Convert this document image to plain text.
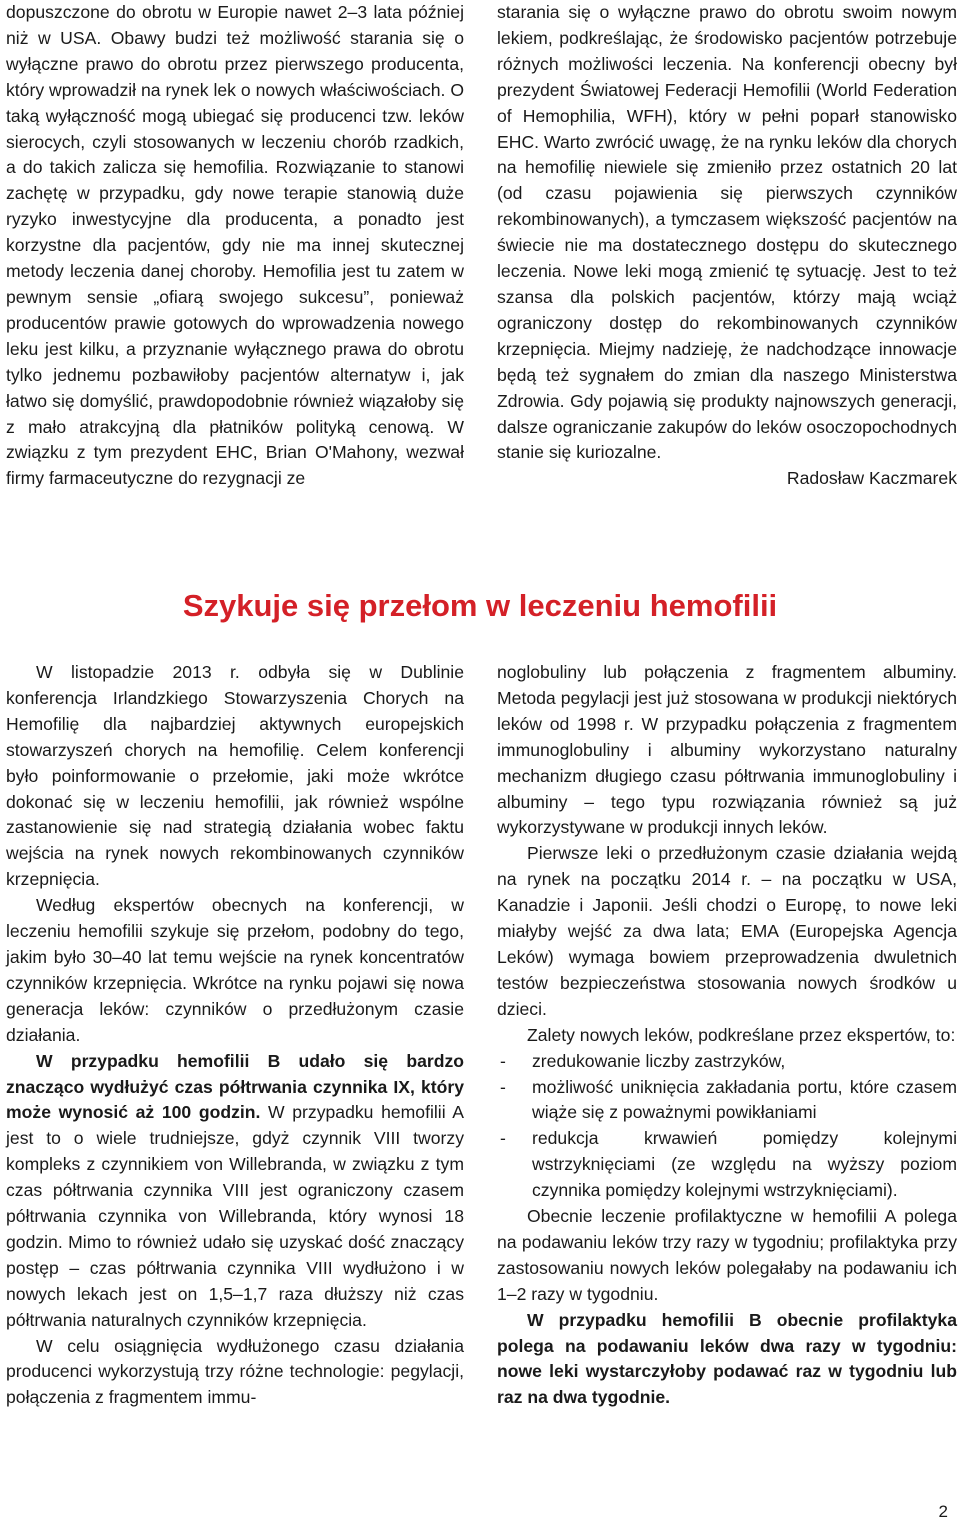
dopuszczone do obrotu w Europie nawet 2–3 lata później niż w USA. Obawy budzi też możliwość starania się o wyłączne prawo do obrotu przez pierwszego producenta, który wprowadził na rynek lek o nowych właściwościach. O taką wyłączność mogą ubiegać się producenci tzw. leków sierocych, czyli stosowanych w leczeniu chorób rzadkich, a do takich zalicza się hemofilia. Rozwiązanie to stanowi zachętę w przypadku, gdy nowe terapie stanowią duże ryzyko inwestycyjne dla producenta, a ponadto jest korzystne dla pacjentów, gdy nie ma innej skutecznej metody leczenia danej choroby. Hemofilia jest tu zatem w pewnym sensie „ofiarą swojego sukcesu”, ponieważ producentów prawie gotowych do wprowadzenia nowego leku jest kilku, a przyznanie wyłącznego prawa do obrotu tylko jednemu pozbawiłoby pacjentów alternatyw i, jak łatwo się domyślić, prawdopodobnie również wiązałoby się z mało atrakcyjną dla płatników polityką cenową. W związku z tym prezydent EHC, Brian O'Mahony, wezwał firmy farmaceutyczne do rezygnacji ze

starania się o wyłączne prawo do obrotu swoim nowym lekiem, podkreślając, że środowisko pacjentów potrzebuje różnych możliwości leczenia. Na konferencji obecny był prezydent Światowej Federacji Hemofilii (World Federation of Hemophilia, WFH), który w pełni poparł stanowisko EHC. Warto zwrócić uwagę, że na rynku leków dla chorych na hemofilię niewiele się zmieniło przez ostatnich 20 lat (od czasu pojawienia się pierwszych czynników rekombinowanych), a tymczasem większość pacjentów na świecie nie ma dostatecznego dostępu do skutecznego leczenia. Nowe leki mogą zmienić tę sytuację. Jest to też szansa dla polskich pacjentów, którzy mają wciąż ograniczony dostęp do rekombinowanych czynników krzepnięcia. Miejmy nadzieję, że nadchodzące innowacje będą też sygnałem do zmian dla naszego Ministerstwa Zdrowia. Gdy pojawią się produkty najnowszych generacji, dalsze ograniczanie zakupów do leków osoczopochodnych stanie się kuriozalne.

Radosław Kaczmarek

Szykuje się przełom w leczeniu hemofilii

W listopadzie 2013 r. odbyła się w Dublinie konferencja Irlandzkiego Stowarzyszenia Chorych na Hemofilię dla najbardziej aktywnych europejskich stowarzyszeń chorych na hemofilię. Celem konferencji było poinformowanie o przełomie, jaki może wkrótce dokonać się w leczeniu hemofilii, jak również wspólne zastanowienie się nad strategią działania wobec faktu wejścia na rynek nowych rekombinowanych czynników krzepnięcia.

Według ekspertów obecnych na konferencji, w leczeniu hemofilii szykuje się przełom, podobny do tego, jakim było 30–40 lat temu wejście na rynek koncentratów czynników krzepnięcia. Wkrótce na rynku pojawi się nowa generacja leków: czynników o przedłużonym czasie działania.

W przypadku hemofilii B udało się bardzo znacząco wydłużyć czas półtrwania czynnika IX, który może wynosić aż 100 godzin. W przypadku hemofilii A jest to o wiele trudniejsze, gdyż czynnik VIII tworzy kompleks z czynnikiem von Willebranda, w związku z tym czas półtrwania czynnika VIII jest ograniczony czasem półtrwania czynnika von Willebranda, który wynosi 18 godzin. Mimo to również udało się uzyskać dość znaczący postęp – czas półtrwania czynnika VIII wydłużono i w nowych lekach jest on 1,5–1,7 raza dłuższy niż czas półtrwania naturalnych czynników krzepnięcia.

W celu osiągnięcia wydłużonego czasu działania producenci wykorzystują trzy różne technologie: pegylacji, połączenia z fragmentem immu-

noglobuliny lub połączenia z fragmentem albuminy. Metoda pegylacji jest już stosowana w produkcji niektórych leków od 1998 r. W przypadku połączenia z fragmentem immunoglobuliny i albuminy wykorzystano naturalny mechanizm długiego czasu półtrwania immunoglobuliny i albuminy – tego typu rozwiązania również są już wykorzystywane w produkcji innych leków.

Pierwsze leki o przedłużonym czasie działania wejdą na rynek na początku 2014 r. – na początku w USA, Kanadzie i Japonii. Jeśli chodzi o Europę, to nowe leki miałyby wejść za dwa lata; EMA (Europejska Agencja Leków) wymaga bowiem przeprowadzenia dwuletnich testów bezpieczeństwa stosowania nowych środków u dzieci.

Zalety nowych leków, podkreślane przez ekspertów, to:

- zredukowanie liczby zastrzyków,
- możliwość uniknięcia zakładania portu, które czasem wiąże się z poważnymi powikłaniami
- redukcja krwawień pomiędzy kolejnymi wstrzyknięciami (ze względu na wyższy poziom czynnika pomiędzy kolejnymi wstrzyknięciami).

Obecnie leczenie profilaktyczne w hemofilii A polega na podawaniu leków trzy razy w tygodniu; profilaktyka przy zastosowaniu nowych leków polegałaby na podawaniu ich 1–2 razy w tygodniu.

W przypadku hemofilii B obecnie profilaktyka polega na podawaniu leków dwa razy w tygodniu: nowe leki wystarczyłoby podawać raz w tygodniu lub raz na dwa tygodnie.

2
